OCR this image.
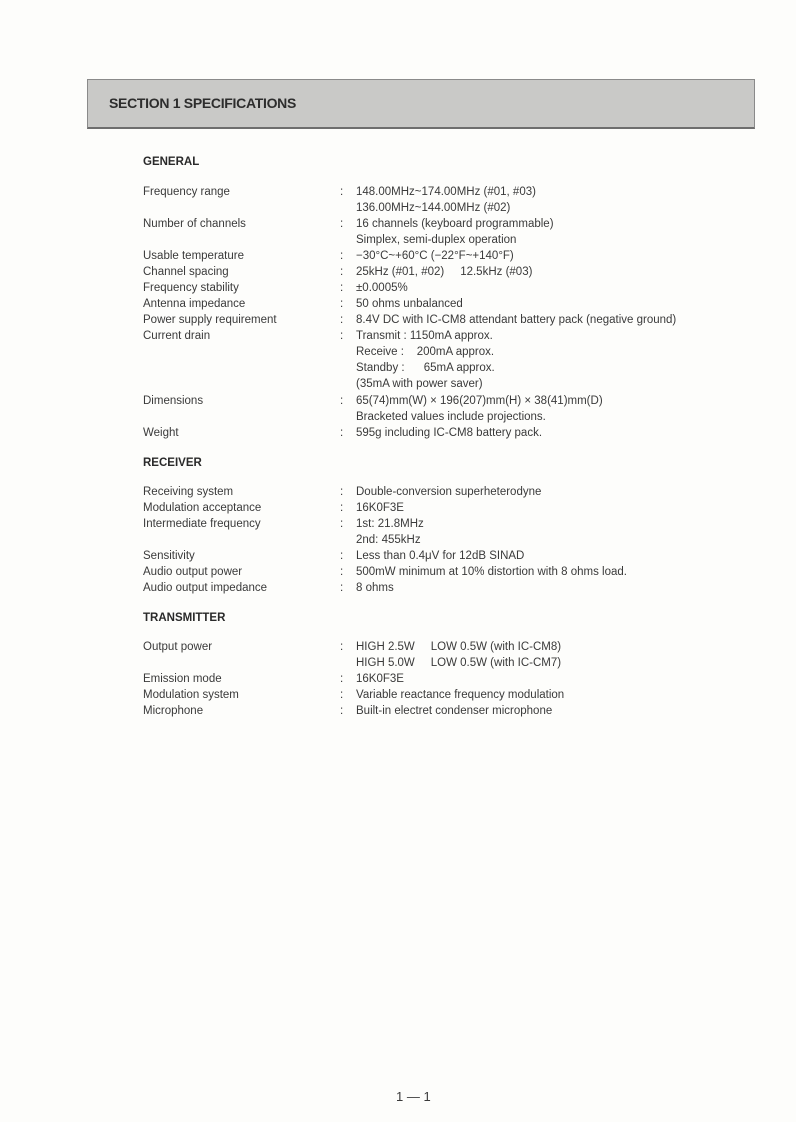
SECTION 1 SPECIFICATIONS
GENERAL
Frequency range	: 148.00MHz~174.00MHz (#01, #03)
136.00MHz~144.00MHz (#02)
Number of channels	: 16 channels (keyboard programmable)
Simplex, semi-duplex operation
Usable temperature	: −30°C~+60°C (−22°F~+140°F)
Channel spacing	: 25kHz (#01, #02)     12.5kHz (#03)
Frequency stability	: ±0.0005%
Antenna impedance	: 50 ohms unbalanced
Power supply requirement	: 8.4V DC with IC-CM8 attendant battery pack (negative ground)
Current drain	: Transmit : 1150mA approx.
Receive :    200mA approx.
Standby :      65mA approx.
(35mA with power saver)
Dimensions	: 65(74)mm(W) × 196(207)mm(H) × 38(41)mm(D)
Bracketed values include projections.
Weight	: 595g including IC-CM8 battery pack.
RECEIVER
Receiving system	: Double-conversion superheterodyne
Modulation acceptance	: 16K0F3E
Intermediate frequency	: 1st: 21.8MHz
2nd: 455kHz
Sensitivity	: Less than 0.4μV for 12dB SINAD
Audio output power	: 500mW minimum at 10% distortion with 8 ohms load.
Audio output impedance	: 8 ohms
TRANSMITTER
Output power	: HIGH 2.5W     LOW 0.5W (with IC-CM8)
HIGH 5.0W     LOW 0.5W (with IC-CM7)
Emission mode	: 16K0F3E
Modulation system	: Variable reactance frequency modulation
Microphone	: Built-in electret condenser microphone
1 — 1
